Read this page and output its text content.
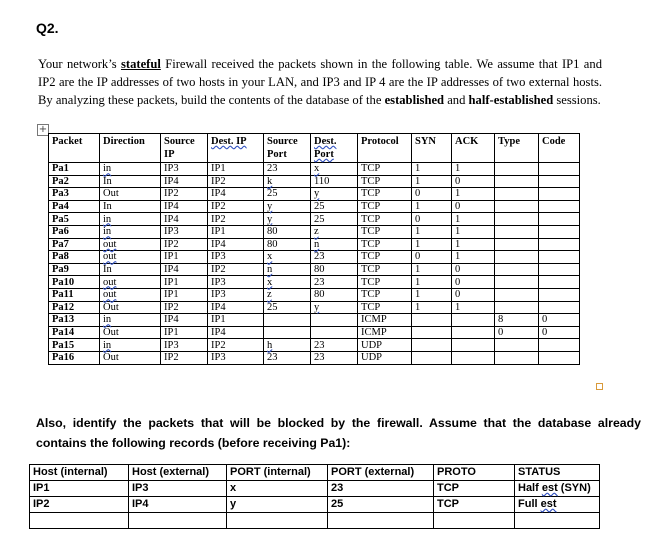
Q2.
Your network’s stateful Firewall received the packets shown in the following table. We assume that IP1 and IP2 are the IP addresses of two hosts in your LAN, and IP3 and IP 4 are the IP addresses of two external hosts. By analyzing these packets, build the contents of the database of the established and half-established sessions.
+
Packet	Direction	Source IP	Dest. IP	Source Port	Dest. Port	Protocol	SYN	ACK	Type	Code
Pa1	in	IP3	IP1	23	x	TCP	1	1		
Pa2	In	IP4	IP2	k	110	TCP	1	0		
Pa3	Out	IP2	IP4	25	y	TCP	0	1		
Pa4	In	IP4	IP2	y	25	TCP	1	0		
Pa5	in	IP4	IP2	y	25	TCP	0	1		
Pa6	in	IP3	IP1	80	z	TCP	1	1		
Pa7	out	IP2	IP4	80	n	TCP	1	1		
Pa8	out	IP1	IP3	x	23	TCP	0	1		
Pa9	In	IP4	IP2	n	80	TCP	1	0		
Pa10	out	IP1	IP3	x	23	TCP	1	0		
Pa11	out	IP1	IP3	z	80	TCP	1	0		
Pa12	Out	IP2	IP4	25	y	TCP	1	1		
Pa13	in	IP4	IP1			ICMP			8	0
Pa14	Out	IP1	IP4			ICMP			0	0
Pa15	in	IP3	IP2	h	23	UDP				
Pa16	Out	IP2	IP3	23	23	UDP				
Also, identify the packets that will be blocked by the firewall. Assume that the database already contains the following records (before receiving Pa1):
Host (internal)	Host (external)	PORT (internal)	PORT (external)	PROTO	STATUS
IP1	IP3	x	23	TCP	Half est (SYN)
IP2	IP4	y	25	TCP	Full est
